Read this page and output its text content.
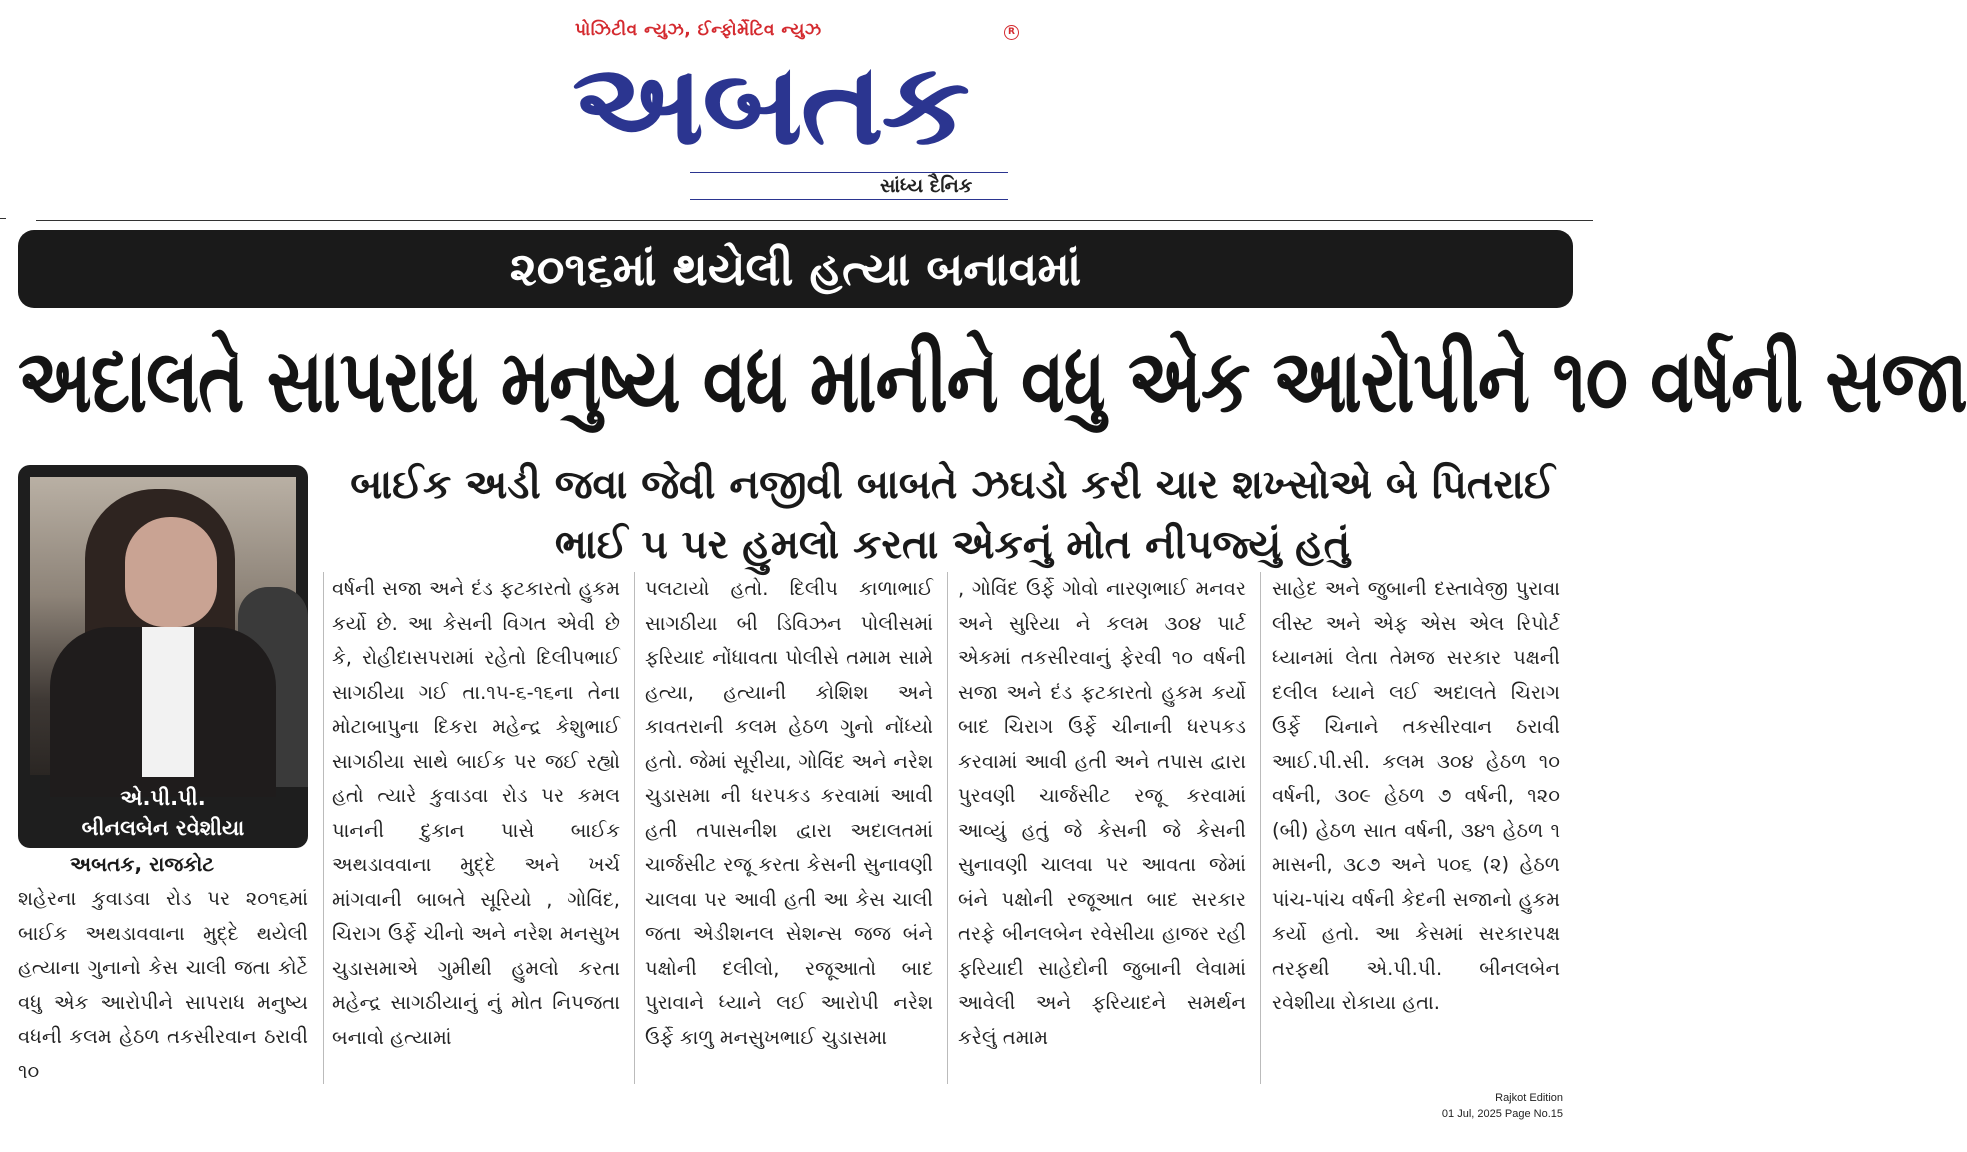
પોઝિટીવ ન્યુઝ, ઈન્ફોર્મેટિવ ન્યુઝ	R
અબતક
સાંધ્ય દૈનિક
૨૦૧૬માં થયેલી હત્યા બનાવમાં
અદાલતે સાપરાધ મનુષ્ય વધ માનીને વધુ એક આરોપીને ૧૦ વર્ષની સજા
બાઈક અડી જવા જેવી નજીવી બાબતે ઝઘડો કરી ચાર શખ્સોએ બે પિતરાઈ ભાઈ ૫ પર હુમલો કરતા એકનું મોત નીપજ્યું હતું
એ.પી.પી.
બીનલબેન રવેશીયા
અબતક, રાજકોટ
શહેરના કુવાડવા રોડ પર ૨૦૧૬માં બાઈક અથડાવવાના મુદ્દે થયેલી હત્યાના ગુનાનો કેસ ચાલી જતા કોર્ટે વધુ એક આરોપીને સાપરાધ મનુષ્ય વધની કલમ હેઠળ તકસીરવાન ઠરાવી ૧૦
વર્ષની સજા અને દંડ ફટકારતો હુકમ કર્યો છે. આ કેસની વિગત એવી છે કે, રોહીદાસપરામાં રહેતો દિલીપભાઈ સાગઠીયા ગઈ તા.૧૫-૬-૧૬ના તેના મોટાબાપુના દિકરા મહેન્દ્ર કેશુભાઈ સાગઠીયા સાથે બાઈક પર જઈ રહ્યો હતો ત્યારે કુવાડવા રોડ પર કમલ પાનની દુકાન પાસે બાઈક અથડાવવાના મુદ્દે અને ખર્ચ માંગવાની બાબતે સૂરિયો , ગોવિંદ, ચિરાગ ઉર્ફે ચીનો અને નરેશ મનસુખ ચુડાસમાએ ગુમીથી હુમલો કરતા મહેન્દ્ર સાગઠીયાનું નું મોત નિપજતા બનાવો હત્યામાં
પલટાયો હતો. દિલીપ કાળાભાઈ સાગઠીયા બી ડિવિઝન પોલીસમાં ફરિયાદ નોંધાવતા પોલીસે તમામ સામે હત્યા, હત્યાની કોશિશ અને કાવતરાની કલમ હેઠળ ગુનો નોંધ્યો હતો. જેમાં સૂરીયા, ગોવિંદ અને નરેશ ચુડાસમા ની ધરપકડ કરવામાં આવી હતી તપાસનીશ દ્વારા અદાલતમાં ચાર્જસીટ રજૂ કરતા કેસની સુનાવણી ચાલવા પર આવી હતી આ કેસ ચાલી જતા એડીશનલ સેશન્સ જજ બંને પક્ષોની દલીલો, રજૂઆતો બાદ પુરાવાને ધ્યાને લઈ આરોપી નરેશ ઉર્ફે કાળુ મનસુખભાઈ ચુડાસમા
, ગોવિંદ ઉર્ફે ગોવો નારણભાઈ મનવર અને સુરિયા ને કલમ ૩૦૪ પાર્ટ એકમાં તકસીરવાનું ફેરવી ૧૦ વર્ષની સજા અને દંડ ફટકારતો હુકમ કર્યો બાદ ચિરાગ ઉર્ફે ચીનાની ધરપકડ કરવામાં આવી હતી અને તપાસ દ્વારા પુરવણી ચાર્જસીટ રજૂ કરવામાં આવ્યું હતું જે કેસની જે કેસની સુનાવણી ચાલવા પર આવતા જેમાં બંને પક્ષોની રજૂઆત બાદ સરકાર તરફે બીનલબેન રવેસીયા હાજર રહી ફરિયાદી સાહેદોની જુબાની લેવામાં આવેલી અને ફરિયાદને સમર્થન કરેલું તમામ
સાહેદ અને જુબાની દસ્તાવેજી પુરાવા લીસ્ટ અને એફ એસ એલ રિપોર્ટ ધ્યાનમાં લેતા તેમજ સરકાર પક્ષની દલીલ ધ્યાને લઈ અદાલતે ચિરાગ ઉર્ફે ચિનાને તકસીરવાન ઠરાવી આઈ.પી.સી. કલમ ૩૦૪ હેઠળ ૧૦ વર્ષની, ૩૦૯ હેઠળ ૭ વર્ષની, ૧૨૦ (બી) હેઠળ સાત વર્ષની, ૩૪૧ હેઠળ ૧ માસની, ૩૮૭ અને ૫૦૬ (૨) હેઠળ પાંચ-પાંચ વર્ષની કેદની સજાનો હુકમ કર્યો હતો. આ કેસમાં સરકારપક્ષ તરફથી એ.પી.પી. બીનલબેન રવેશીયા રોકાયા હતા.
Rajkot Edition
01 Jul, 2025 Page No.15
